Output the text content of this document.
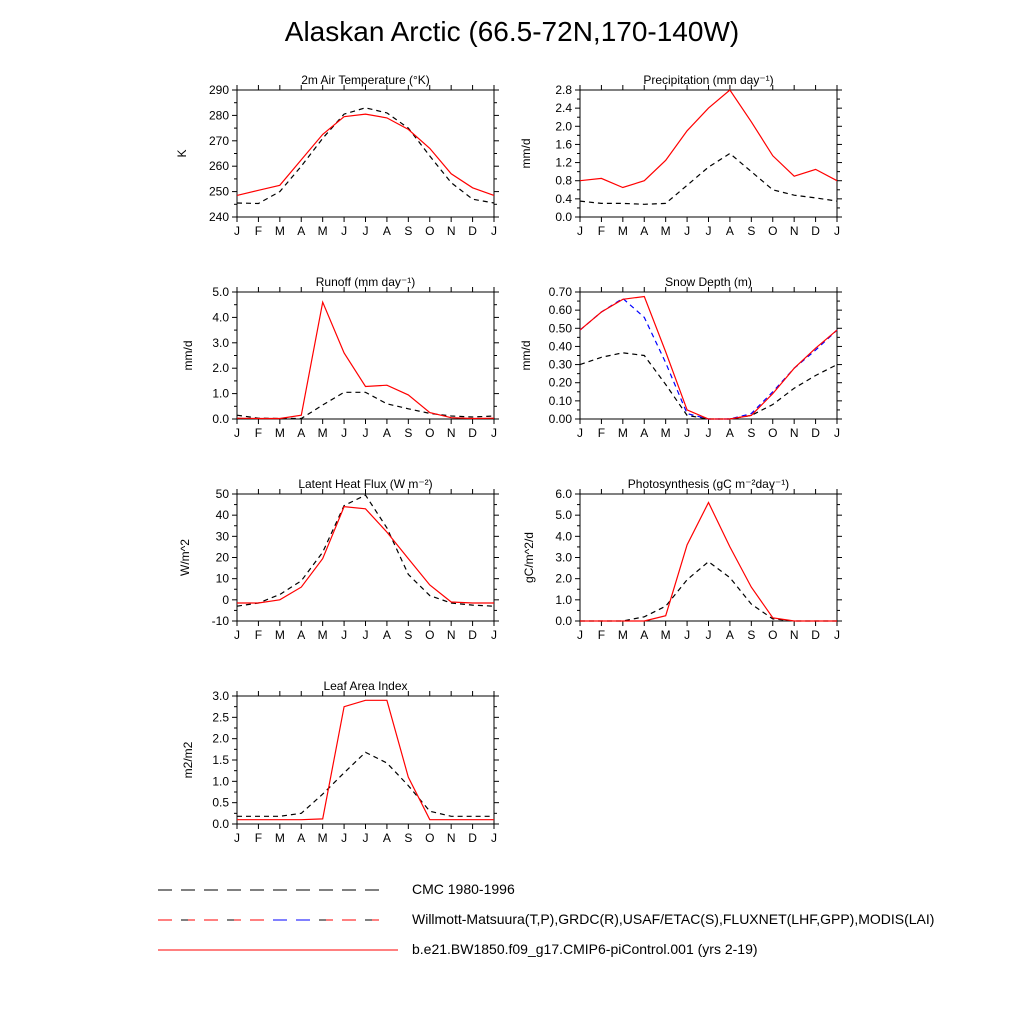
Alaskan Arctic (66.5-72N,170-140W)
2m Air Temperature (°K)
240
250
260
270
280
290
J F M A M J J A S O N D J
K
Precipitation (mm day⁻¹)
0.0
0.4
0.8
1.2
1.6
2.0
2.4
2.8
J F M A M J J A S O N D J
mm/d
Runoff (mm day⁻¹)
0.0
1.0
2.0
3.0
4.0
5.0
J F M A M J J A S O N D J
mm/d
Snow Depth (m)
0.00
0.10
0.20
0.30
0.40
0.50
0.60
0.70
J F M A M J J A S O N D J
mm/d
Latent Heat Flux (W m⁻²)
-10
0
10
20
30
40
50
J F M A M J J A S O N D J
W/m^2
Photosynthesis (gC m⁻²day⁻¹)
0.0
1.0
2.0
3.0
4.0
5.0
6.0
J F M A M J J A S O N D J
gC/m^2/d
Leaf Area Index
0.0
0.5
1.0
1.5
2.0
2.5
3.0
J F M A M J J A S O N D J
m2/m2
CMC 1980-1996
Willmott-Matsuura(T,P),GRDC(R),USAF/ETAC(S),FLUXNET(LHF,GPP),MODIS(LAI)
b.e21.BW1850.f09_g17.CMIP6-piControl.001 (yrs 2-19)
